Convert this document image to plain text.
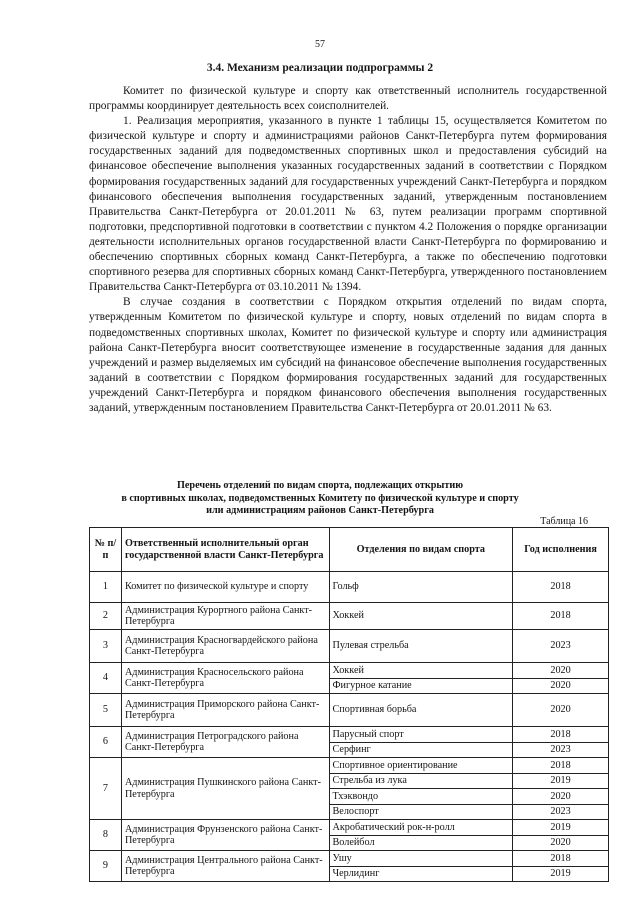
57
3.4. Механизм реализации подпрограммы 2

Комитет по физической культуре и спорту как ответственный исполнитель государственной программы координирует деятельность всех соисполнителей.

1. Реализация мероприятия, указанного в пункте 1 таблицы 15, осуществляется Комитетом по физической культуре и спорту и администрациями районов Санкт-Петербурга путем формирования государственных заданий для подведомственных спортивных школ и предоставления субсидий на финансовое обеспечение выполнения указанных государственных заданий в соответствии с Порядком формирования государственных заданий для государственных учреждений Санкт-Петербурга и порядком финансового обеспечения выполнения государственных заданий, утвержденным постановлением Правительства Санкт-Петербурга от 20.01.2011 № 63, путем реализации программ спортивной подготовки, предспортивной подготовки в соответствии с пунктом 4.2 Положения о порядке организации деятельности исполнительных органов государственной власти Санкт-Петербурга по формированию и обеспечению спортивных сборных команд Санкт-Петербурга, а также по обеспечению подготовки спортивного резерва для спортивных сборных команд Санкт-Петербурга, утвержденного постановлением Правительства Санкт-Петербурга от 03.10.2011 № 1394.

В случае создания в соответствии с Порядком открытия отделений по видам спорта, утвержденным Комитетом по физической культуре и спорту, новых отделений по видам спорта в подведомственных спортивных школах, Комитет по физической культуре и спорту или администрация района Санкт-Петербурга вносит соответствующее изменение в государственные задания для данных учреждений и размер выделяемых им субсидий на финансовое обеспечение выполнения государственных заданий в соответствии с Порядком формирования государственных заданий для государственных учреждений Санкт-Петербурга и порядком финансового обеспечения выполнения государственных заданий, утвержденным постановлением Правительства Санкт-Петербурга от 20.01.2011 № 63.

Перечень отделений по видам спорта, подлежащих открытию
в спортивных школах, подведомственных Комитету по физической культуре и спорту
или администрациям районов Санкт-Петербурга
Таблица 16
№ п/п	Ответственный исполнительный орган государственной власти Санкт-Петербурга	Отделения по видам спорта	Год исполнения
1	Комитет по физической культуре и спорту	Гольф	2018
2	Администрация Курортного района Санкт-Петербурга	Хоккей	2018
3	Администрация Красногвардейского района Санкт-Петербурга	Пулевая стрельба	2023
4	Администрация Красносельского района Санкт-Петербурга	Хоккей	2020
		Фигурное катание	2020
5	Администрация Приморского района Санкт-Петербурга	Спортивная борьба	2020
6	Администрация Петроградского района Санкт-Петербурга	Парусный спорт	2018
		Серфинг	2023
7	Администрация Пушкинского района Санкт-Петербурга	Спортивное ориентирование	2018
		Стрельба из лука	2019
		Тхэквондо	2020
		Велоспорт	2023
8	Администрация Фрунзенского района Санкт-Петербурга	Акробатический рок-н-ролл	2019
		Волейбол	2020
9	Администрация Центрального района Санкт-Петербурга	Ушу	2018
		Черлидинг	2019
